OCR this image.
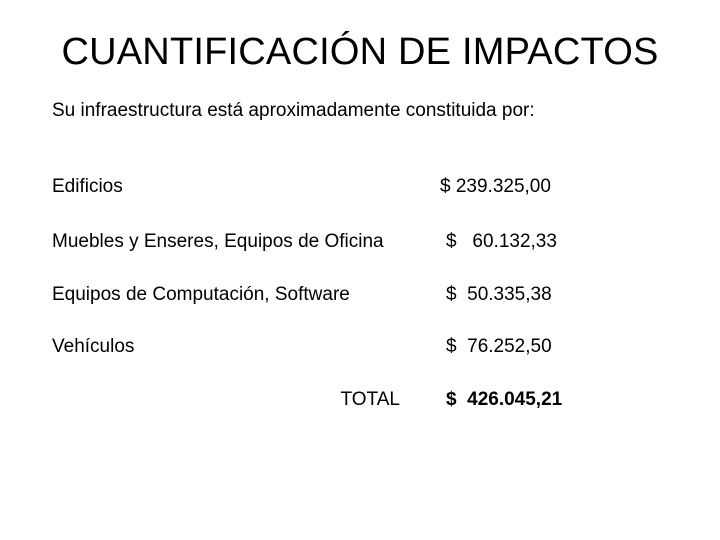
CUANTIFICACIÓN DE IMPACTOS
Su infraestructura está aproximadamente constituida por:
Edificios	$ 239.325,00
Muebles y Enseres, Equipos de Oficina	$   60.132,33
Equipos de Computación, Software	$  50.335,38
Vehículos	$  76.252,50
TOTAL $  426.045,21
